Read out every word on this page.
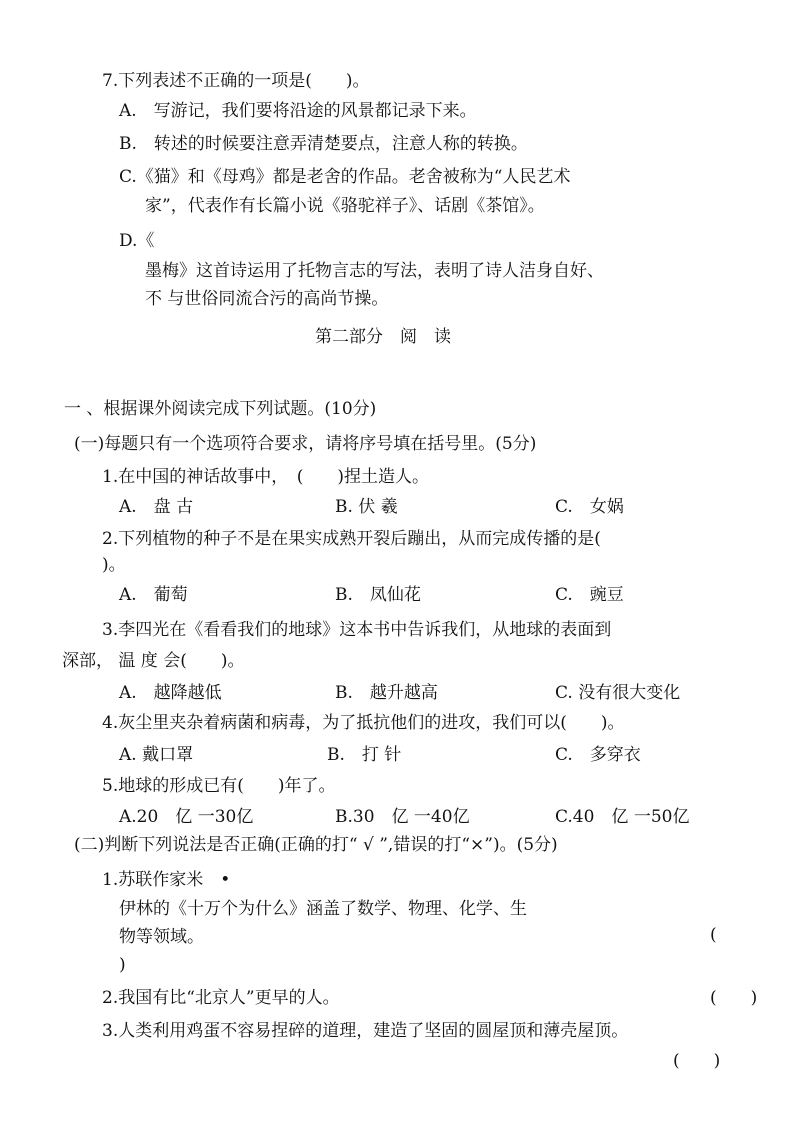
7.下列表述不正确的一项是(　　)。
A.　写游记，我们要将沿途的风景都记录下来。
B.　转述的时候要注意弄清楚要点，注意人称的转换。
C.《猫》和《母鸡》都是老舍的作品。老舍被称为“人民艺术
家”，代表作有长篇小说《骆驼祥子》、话剧《茶馆》。
D.《
墨梅》这首诗运用了托物言志的写法，表明了诗人洁身自好、
不 与世俗同流合污的高尚节操。
第二部分　阅　读
一 、根据课外阅读完成下列试题。(10分)
(一)每题只有一个选项符合要求，请将序号填在括号里。(5分)
1.在中国的神话故事中，　(　　)捏土造人。
A.　盘 古	B. 伏 羲	C.　女娲
2.下列植物的种子不是在果实成熟开裂后蹦出，从而完成传播的是(
)。
A.　葡萄	B.　凤仙花	C.　豌豆
3.李四光在《看看我们的地球》这本书中告诉我们，从地球的表面到
深部， 温 度 会(　　)。
A.　越降越低	B.　越升越高	C. 没有很大变化
4.灰尘里夹杂着病菌和病毒，为了抵抗他们的进攻，我们可以(　　)。
A. 戴口罩	B.　打 针	C.　多穿衣
5.地球的形成已有(　　)年了。
A.20　亿 一30亿	B.30　亿 一40亿	C.40　亿 一50亿
(二)判断下列说法是否正确(正确的打“ √ ”,错误的打“×”)。(5分)
1.苏联作家米　•
伊林的《十万个为什么》涵盖了数学、物理、化学、生
物等领域。	(
)
2.我国有比“北京人”更早的人。	(　　)
3.人类利用鸡蛋不容易捏碎的道理，建造了坚固的圆屋顶和薄壳屋顶。
(　　)
